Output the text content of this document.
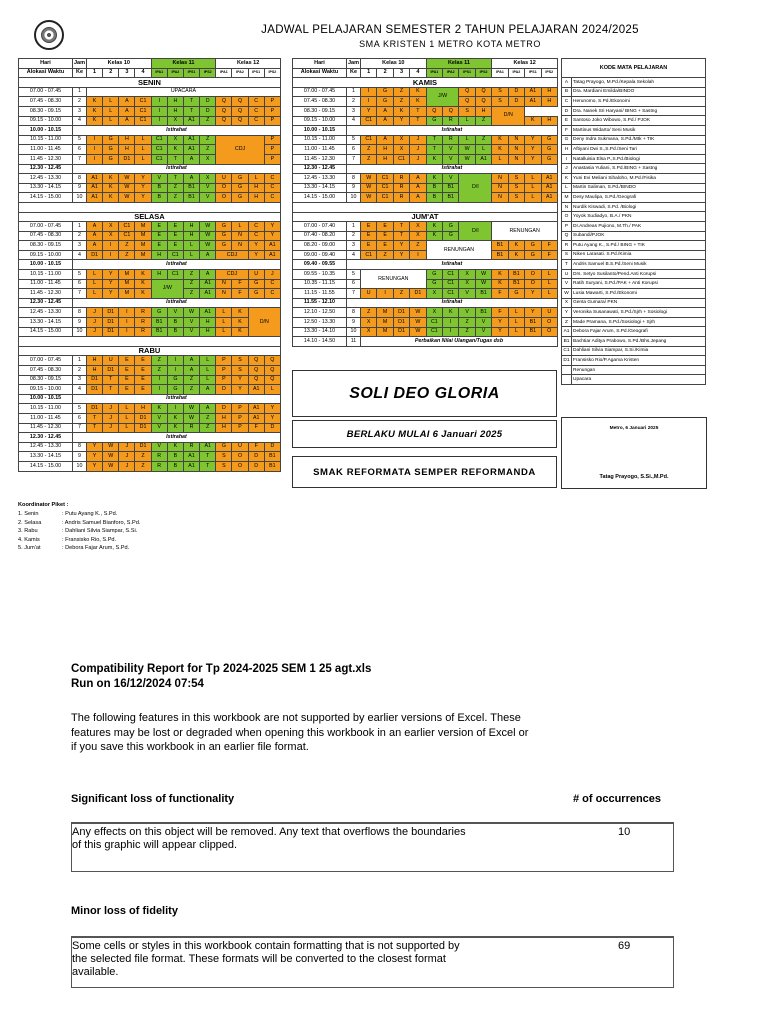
JADWAL PELAJARAN SEMESTER 2 TAHUN PELAJARAN 2024/2025
SMA KRISTEN 1 METRO KOTA METRO
Hari	Jam	Kelas 10				Kelas 11				Kelas 12				
Alokasi Waktu	Ke	1	2	3	4	IPA1	IPA2	IPS1	IPS2	IPA1	IPA2	IPS1	IPS2	
SENIN														
07.00 - 07.45	1	UPACARA												
07.45 - 08.30	2	K	L	A	C1	I	H	T	D	Q	Q	C	P	
08.30 - 09.15	3	K	L	A	C1	I	H	T	D	Q	Q	C	P	
09.15 - 10.00	4	K	L	A	C1	I	X	A1	Z	Q	Q	C	P	
10.00 - 10.15	Istirahat													
10.15 - 11.00	5	I	G	H	L	C1	X	A1	Z	CDJ			P	
11.00 - 11.45	6	I	G	H	L	C1	K	A1	Z				P	
11.45 - 12.30	7	I	G	D1	L	C1	T	A	X				P	
12.30 - 12.45	Istirahat													
12.45 - 13.30	8	A1	K	W	Y	V	T	A	X	U	G	L	C	
13.30 - 14.15	9	A1	K	W	Y	B	Z	B1	V	O	G	H	C	
14.15 - 15.00	10	A1	K	W	Y	B	Z	B1	V	O	G	H	C	

SELASA														
07.00 - 07.45	1	A	X	C1	M	E	E	H	W	G	L	C	Y	
07.45 - 08.30	2	A	X	C1	M	E	E	H	W	G	N	C	Y	
08.30 - 09.15	3	A	I	Z	M	E	E	L	W	G	N	Y	A1	
09.15 - 10.00	4	D1	I	Z	M	H	C1	L	A	CDJ		Y	A1	
10.00 - 10.15	Istirahat													
10.15 - 11.00	5	L	Y	M	K	H	C1	Z	A	CDJ		U	J	
11.00 - 11.45	6	L	Y	M	K	J/W		Z	A1	N	F	G	C	
11.45 - 12.30	7	L	Y	M	K			Z	A1	N	F	G	C	
12.30 - 12.45	Istirahat													
12.45 - 13.30	8	J	D1	I	R	G	V	W	A1	L	K	D/N		
13.30 - 14.15	9	J	D1	I	R	B1	B	V	H	L	K			
14.15 - 15.00	10	J	D1	I	R	B1	B	V	H	L	K			

RABU														
07.00 - 07.45	1	H	U	E	E	Z	I	A	L	P	S	Q	Q	
07.45 - 08.30	2	H	D1	E	E	Z	I	A	L	P	S	Q	Q	
08.30 - 09.15	3	D1	T	E	E	I	G	Z	L	P	Y	Q	Q	
09.15 - 10.00	4	D1	T	E	E	I	G	Z	A	D	Y	A1	L	
10.00 - 10.15	Istirahat													
10.15 - 11.00	5	D1	J	L	H	K	I	W	A	D	P	A1	Y	
11.00 - 11.45	6	T	J	L	D1	V	K	W	Z	H	P	A1	Y	
11.45 - 12.30	7	T	J	L	D1	V	K	R	Z	H	P	F	D	
12.30 - 12.45	Istirahat													
12.45 - 13.30	8	Y	W	J	D1	V	K	R	A1	G	U	F	D	
13.30 - 14.15	9	Y	W	J	Z	R	B	A1	T	S	O	D	B1	
14.15 - 15.00	10	Y	W	J	Z	R	B	A1	T	S	O	D	B1	
Hari	Jam	Kelas 10				Kelas 11				Kelas 12			
Alokasi Waktu	Ke	1	2	3	4	IPA1	IPA2	IPS1	IPS2	IPA1	IPA2	IPS1	IPS2
KAMIS													
07.00 - 07.45	1	I	G	Z	K	J/W		Q	Q	S	D	A1	H
07.45 - 08.30	2	I	G	Z	K			Q	Q	S	D	A1	H
08.30 - 09.15	3	Y	A	K	T	Q	Q	S	H	D/N			
09.15 - 10.00	4	C1	A	Y	T	G	R	L	Z			K	H
10.00 - 10.15	Istirahat												
10.15 - 11.00	5	C1	A	X	J	T	R	L	Z	K	N	Y	G
11.00 - 11.45	6	Z	H	X	J	T	V	W	L	K	N	Y	G
11.45 - 12.30	7	Z	H	C1	J	K	V	W	A1	L	N	Y	G
12.30 - 12.45	Istirahat												
12.45 - 13.30	8	W	C1	R	A	K	V	D/I		N	S	L	A1
13.30 - 14.15	9	W	C1	R	A	B	B1			N	S	L	A1
14.15 - 15.00	10	W	C1	R	A	B	B1			N	S	L	A1

JUM'AT													
07.00 - 07.40	1	E	E	T	X	K	G	D/I		RENUNGAN			
07.40 - 08.20	2	E	E	T	X	K	G						
08.20 - 09.00	3	E	E	Y	Z	RENUNGAN				B1	K	G	F
09.00 - 09.40	4	C1	Z	Y	I					B1	K	G	F
09.40 - 09.55	Istirahat												
09.55 - 10.35	5	RENUNGAN				G	C1	X	W	K	B1	O	L
10.35 - 11.15	6					G	C1	X	W	K	B1	O	L
11.15 - 11.55	7	U	I	Z	D1	X	C1	V	B1	F	G	Y	L
11.55 - 12.10	Istirahat												
12.10 - 12.50	8	Z	M	D1	W	X	K	V	B1	F	L	Y	U
12.50 - 13.30	9	X	M	D1	W	C1	I	Z	V	Y	L	B1	O
13.30 - 14.10	10	X	M	D1	W	C1	I	Z	V	Y	L	B1	O
14.10 - 14.50	11	Perbaikan Nilai Ulangan/Tugas dsb											
KODE MATA PELAJARAN	
A	Tatag Prayogo, M.Pd./Kepala Sekolah
B	Dra. Mardiani Emilda/BINDO
C	Herunomo, S.Pd./Ekonomi
D	Dra. Nanek Sri Haryani/ BING + Sastng
E	Santoso Joko Wibowo, S.Pd./ PJOK
F	Martinus Widarto/ Seni Musik
G	Deny Indra Sukmana, S.Pd./Mtk + TIK
H	Aftiyani Dwi S.,S.Pd./Seni Tari
I	Natalluisia Elsa P.,S.Pd./Biologi
J	Anastasia Yuliani, S.Pd./BING + Sastng
K	Yuni Evi Meliani Sihaloho, M.Pd./Fisika
L	Martin Saliman, S.Pd./BINDO
M	Desy Maulipa, S.Pd./Geografi
N	Nurdik Kiswadi, S.Pd. /Biologi
O	Yoyok Sudiadyo, B.A./ PKN
P	Dr.Andreas Pujiono, M.Th./ PAK
Q	Subandi/PJOK
R	Putu Ayang K., S.Pd./ BING + TIK
S	Niken Larasati. S.Pd./Kimia
T	Andris Samuel B.S.Pd./Seni Musik
U	Drs. Setyo Susilanto/Pend.Anti Korupsi
V	Ratih Suryani, S.Pd./PAK + Anti Korupsi
W	Lusia Mawarti, S.Pd./Ekonomi
X	Genta Gumara/ PKN
Y	Veronika Susanawati, S.Pd./Sjrh + Sosiologi
Z	Made Pramana, S.Pd./Sosiologi + Sjrh
A1	Debora Fajar Arum, S.Pd./Geografi
B1	Bachtiar Aditya Prabowo, S.Pd./Bhs.Jepang
C1	Dahliani Silvia Siampar, S.Si./Kimia
D1	Fransisko Rio/P.Agama Kristen
	Renungan
	Upacara
SOLI DEO GLORIA
BERLAKU MULAI 6 Januari 2025
SMAK REFORMATA SEMPER REFORMANDA
Metro, 6 Januari 2025
Tatag Prayogo, S.Si.,M.Pd.
Koordinator Piket :
1. Senin	: Putu Ayang K., S.Pd.
2. Selasa	: Andris Samuel Bianforo, S.Pd.
3. Rabu	: Dahliani Silvia Siampar, S.Si.
4. Kamis	: Fransisko Rio, S.Pd.
5. Jum'at	: Debora Fajar Arum, S.Pd.
Compatibility Report for Tp 2024-2025 SEM 1 25 agt.xls
Run on 16/12/2024 07:54
The following features in this workbook are not supported by earlier versions of Excel. These features may be lost or degraded when opening this workbook in an earlier version of Excel or if you save this workbook in an earlier file format.
Significant loss of functionality	# of occurrences
Any effects on this object will be removed. Any text that overflows the boundaries of this graphic will appear clipped.
10
Minor loss of fidelity
Some cells or styles in this workbook contain formatting that is not supported by the selected file format. These formats will be converted to the closest format available.
69
